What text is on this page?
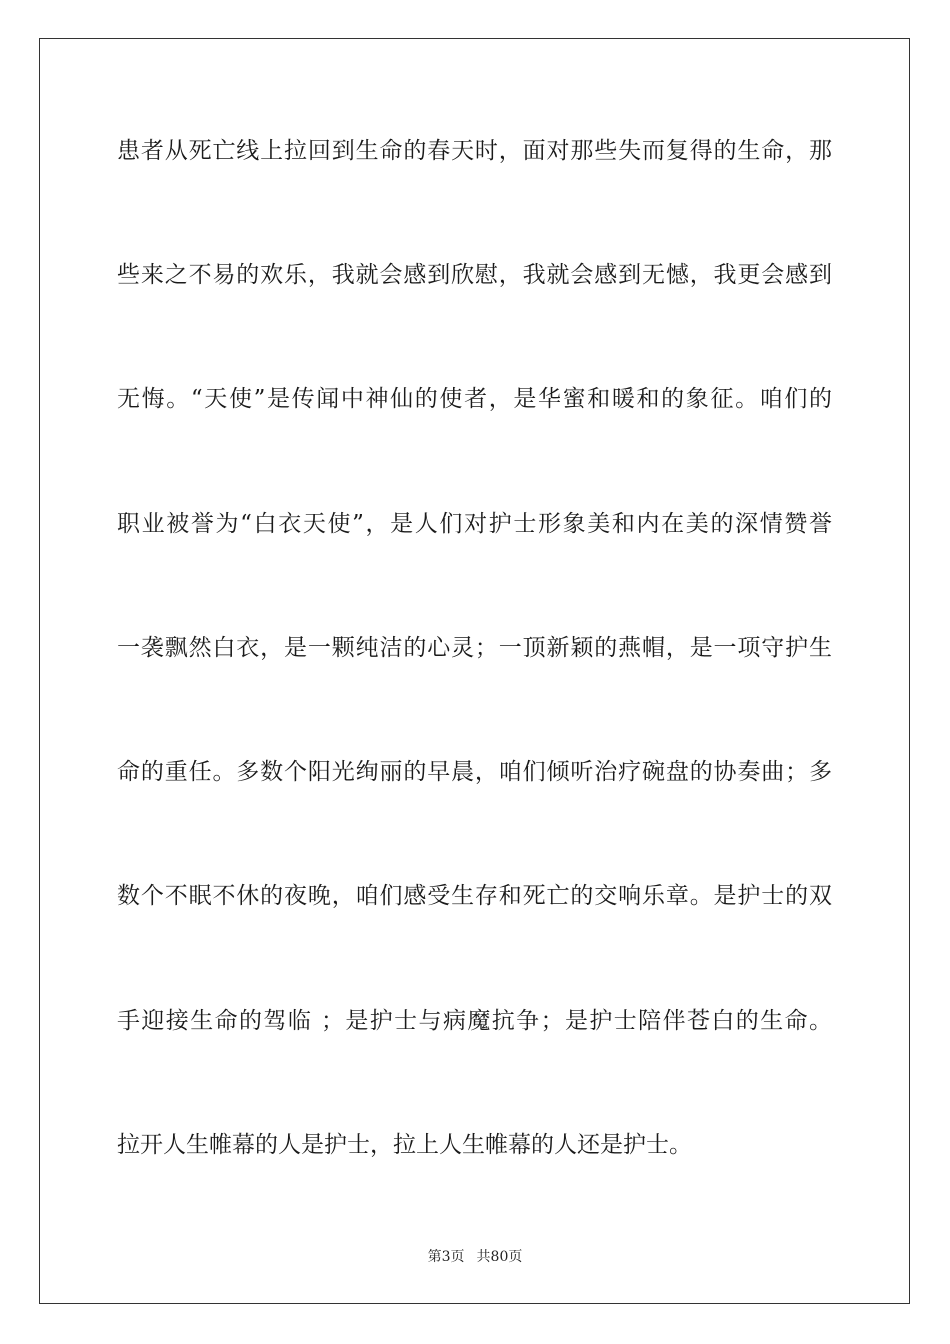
患者从死亡线上拉回到生命的春天时，面对那些失而复得的生命，那
些来之不易的欢乐，我就会感到欣慰，我就会感到无憾，我更会感到
无悔。“天使”是传闻中神仙的使者，是华蜜和暖和的象征。咱们的
职业被誉为“白衣天使”，是人们对护士形象美和内在美的深情赞誉
一袭飘然白衣，是一颗纯洁的心灵；一顶新颖的燕帽，是一项守护生
命的重任。多数个阳光绚丽的早晨，咱们倾听治疗碗盘的协奏曲；多
数个不眠不休的夜晚，咱们感受生存和死亡的交响乐章。是护士的双
手迎接生命的驾临 ；是护士与病魔抗争；是护士陪伴苍白的生命。
拉开人生帷幕的人是护士，拉上人生帷幕的人还是护士。
第3页 共80页
